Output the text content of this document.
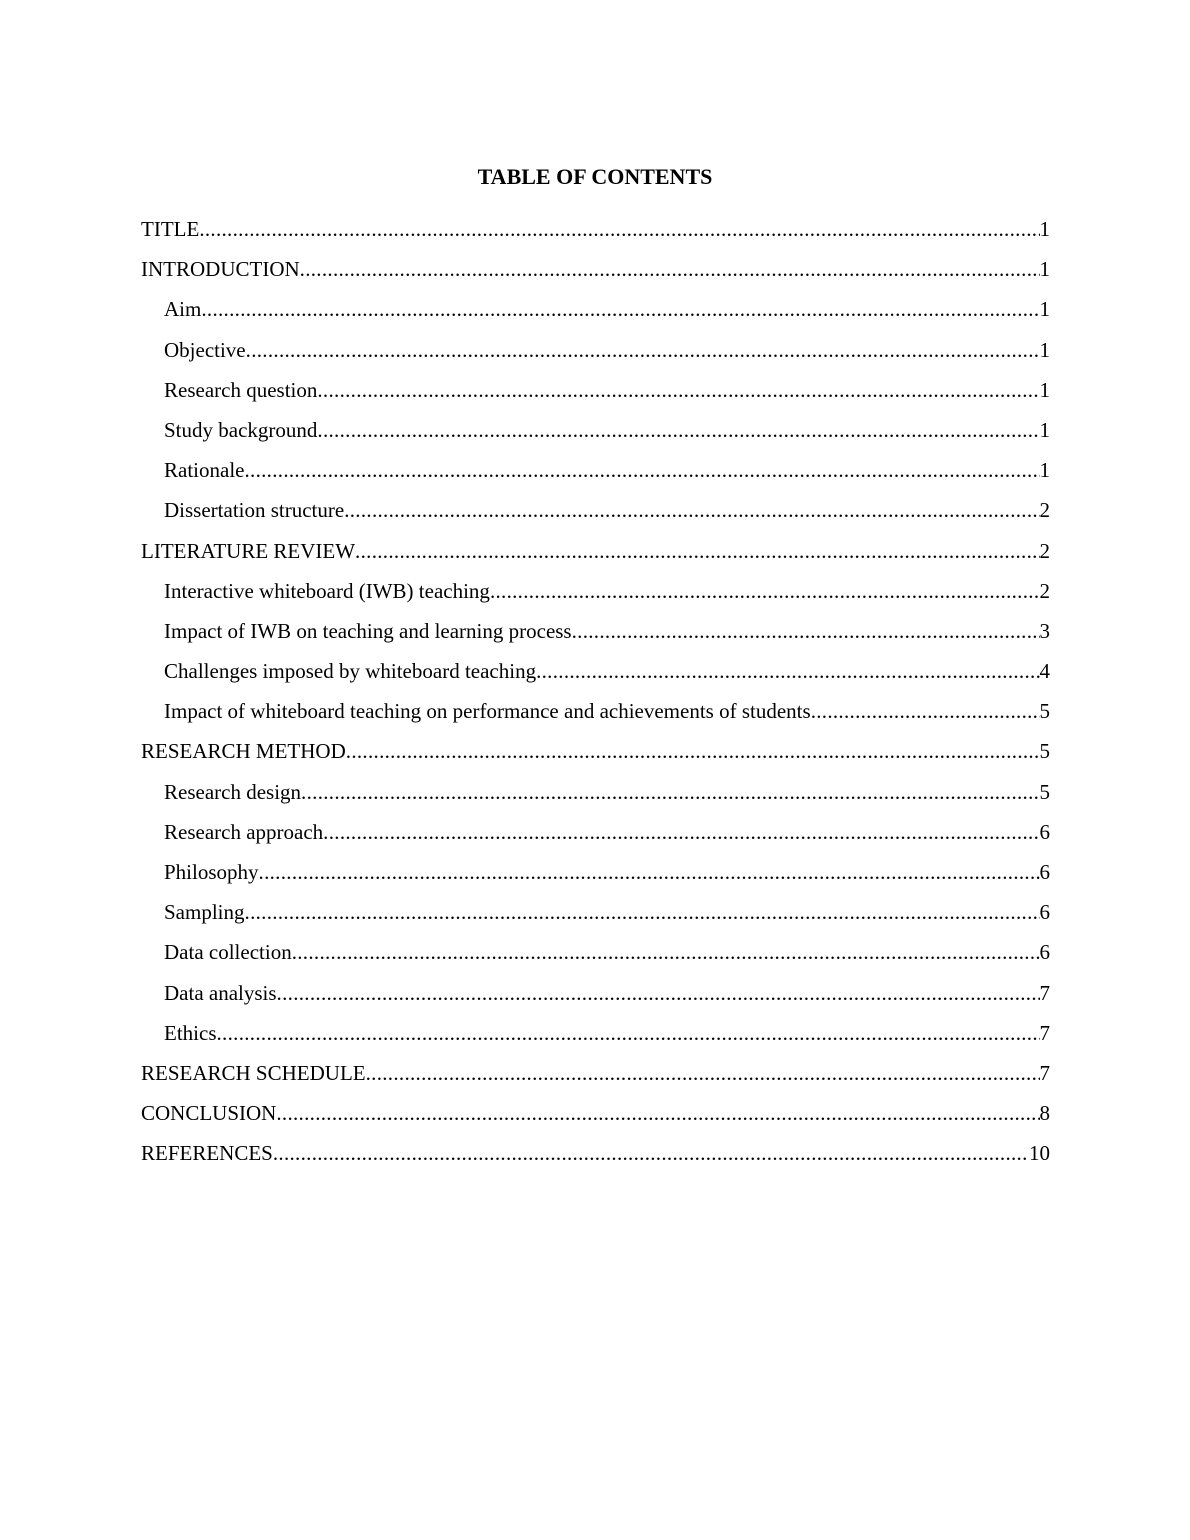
TABLE OF CONTENTS
TITLE .....	1
INTRODUCTION .....	1
Aim .....	1
Objective .....	1
Research question .....	1
Study background .....	1
Rationale .....	1
Dissertation structure .....	2
LITERATURE REVIEW .....	2
Interactive whiteboard (IWB) teaching .....	2
Impact of IWB on teaching and learning process .....	3
Challenges imposed by whiteboard teaching .....	4
Impact of whiteboard teaching on performance and achievements of students .....	5
RESEARCH METHOD .....	5
Research design .....	5
Research approach .....	6
Philosophy .....	6
Sampling .....	6
Data collection .....	6
Data analysis .....	7
Ethics .....	7
RESEARCH SCHEDULE .....	7
CONCLUSION .....	8
REFERENCES .....	10
